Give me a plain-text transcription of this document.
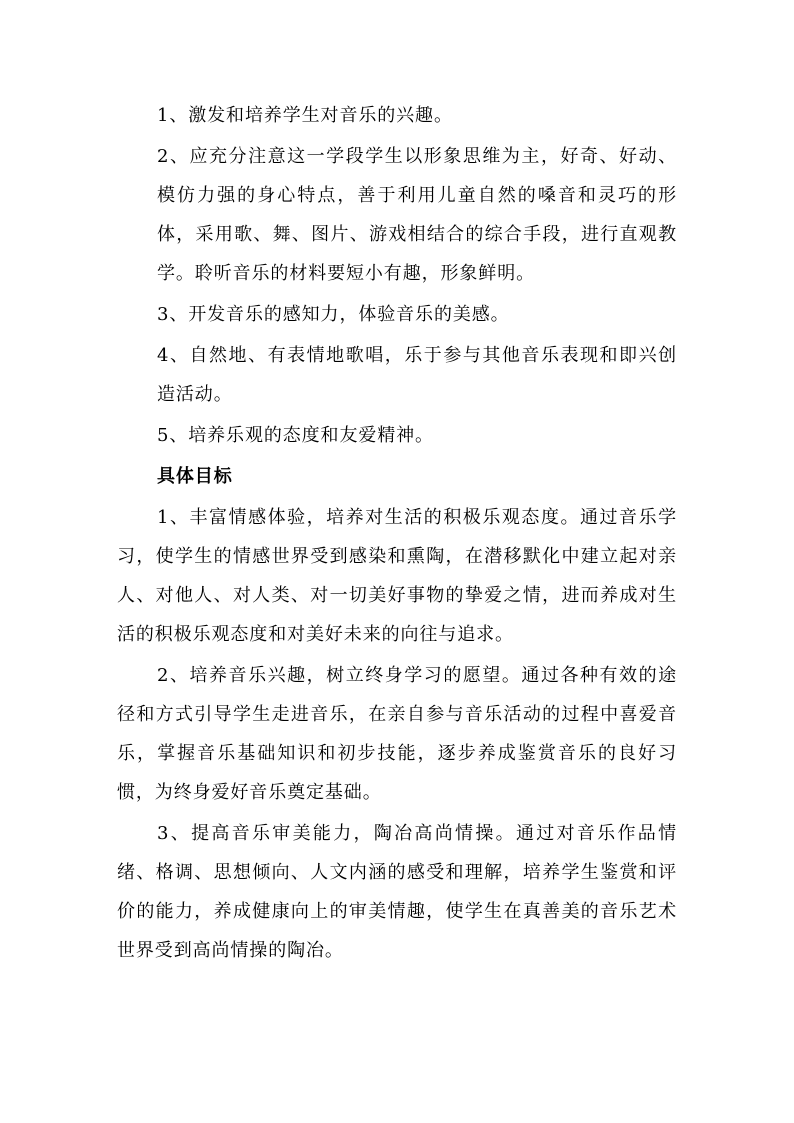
1、激发和培养学生对音乐的兴趣。

2、应充分注意这一学段学生以形象思维为主，好奇、好动、模仿力强的身心特点，善于利用儿童自然的嗓音和灵巧的形体，采用歌、舞、图片、游戏相结合的综合手段，进行直观教学。聆听音乐的材料要短小有趣，形象鲜明。

3、开发音乐的感知力，体验音乐的美感。

4、自然地、有表情地歌唱，乐于参与其他音乐表现和即兴创造活动。

5、培养乐观的态度和友爱精神。

具体目标

1、丰富情感体验，培养对生活的积极乐观态度。通过音乐学习，使学生的情感世界受到感染和熏陶，在潜移默化中建立起对亲人、对他人、对人类、对一切美好事物的挚爱之情，进而养成对生活的积极乐观态度和对美好未来的向往与追求。

2、培养音乐兴趣，树立终身学习的愿望。通过各种有效的途径和方式引导学生走进音乐，在亲自参与音乐活动的过程中喜爱音乐，掌握音乐基础知识和初步技能，逐步养成鉴赏音乐的良好习惯，为终身爱好音乐奠定基础。

3、提高音乐审美能力，陶冶高尚情操。通过对音乐作品情绪、格调、思想倾向、人文内涵的感受和理解，培养学生鉴赏和评价的能力，养成健康向上的审美情趣，使学生在真善美的音乐艺术世界受到高尚情操的陶冶。
